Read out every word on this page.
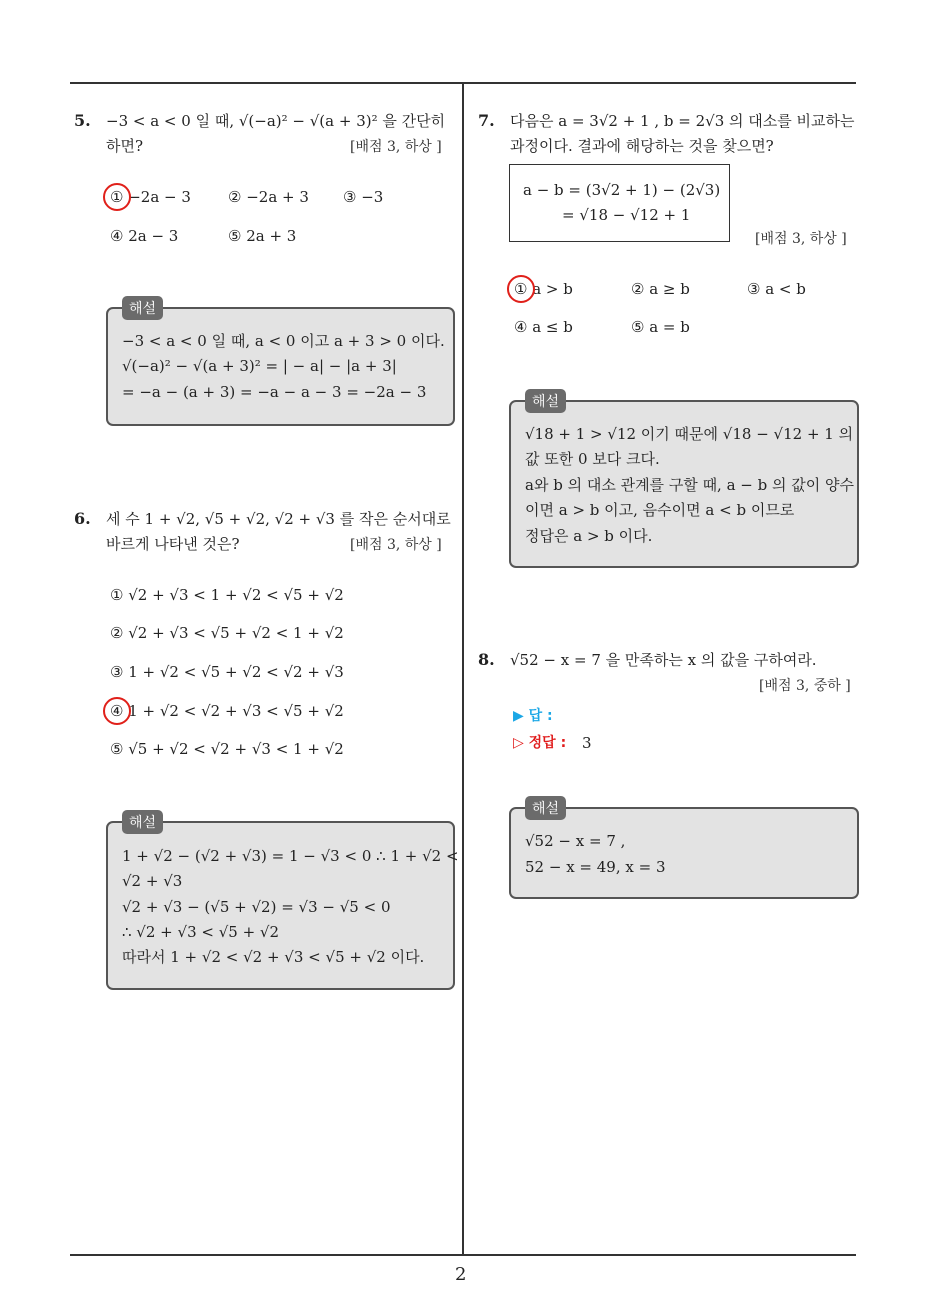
2
5. −3 < a < 0 일 때, √(−a)² − √(a + 3)² 을 간단히
하면?	[배점 3, 하상 ]
① −2a − 3 ② −2a + 3 ③ −3
④ 2a − 3	⑤ 2a + 3
해설
−3 < a < 0 일 때, a < 0 이고 a + 3 > 0 이다.
√(−a)² − √(a + 3)² = | − a| − |a + 3|
= −a − (a + 3) = −a − a − 3 = −2a − 3
6. 세 수 1 + √2, √5 + √2, √2 + √3 를 작은 순서대로
바르게 나타낸 것은?	[배점 3, 하상 ]
① √2 + √3 < 1 + √2 < √5 + √2
② √2 + √3 < √5 + √2 < 1 + √2
③ 1 + √2 < √5 + √2 < √2 + √3
④ 1 + √2 < √2 + √3 < √5 + √2
⑤ √5 + √2 < √2 + √3 < 1 + √2
해설
1 + √2 − (√2 + √3) = 1 − √3 < 0 ∴ 1 + √2 <
√2 + √3
√2 + √3 − (√5 + √2) = √3 − √5 < 0
∴ √2 + √3 < √5 + √2
따라서 1 + √2 < √2 + √3 < √5 + √2 이다.
7. 다음은 a = 3√2 + 1 , b = 2√3 의 대소를 비교하는
과정이다. 결과에 해당하는 것을 찾으면?
a − b = (3√2 + 1) − (2√3)
= √18 − √12 + 1
[배점 3, 하상 ]
① a > b	② a ≥ b	③ a < b
④ a ≤ b	⑤ a = b
해설
√18 + 1 > √12 이기 때문에 √18 − √12 + 1 의
값 또한 0 보다 크다.
a와 b 의 대소 관계를 구할 때, a − b 의 값이 양수
이면 a > b 이고, 음수이면 a < b 이므로
정답은 a > b 이다.
8. √52 − x = 7 을 만족하는 x 의 값을 구하여라.
[배점 3, 중하 ]
▶ 답 :
▷ 정답 : 3
해설
√52 − x = 7 ,
52 − x = 49, x = 3
